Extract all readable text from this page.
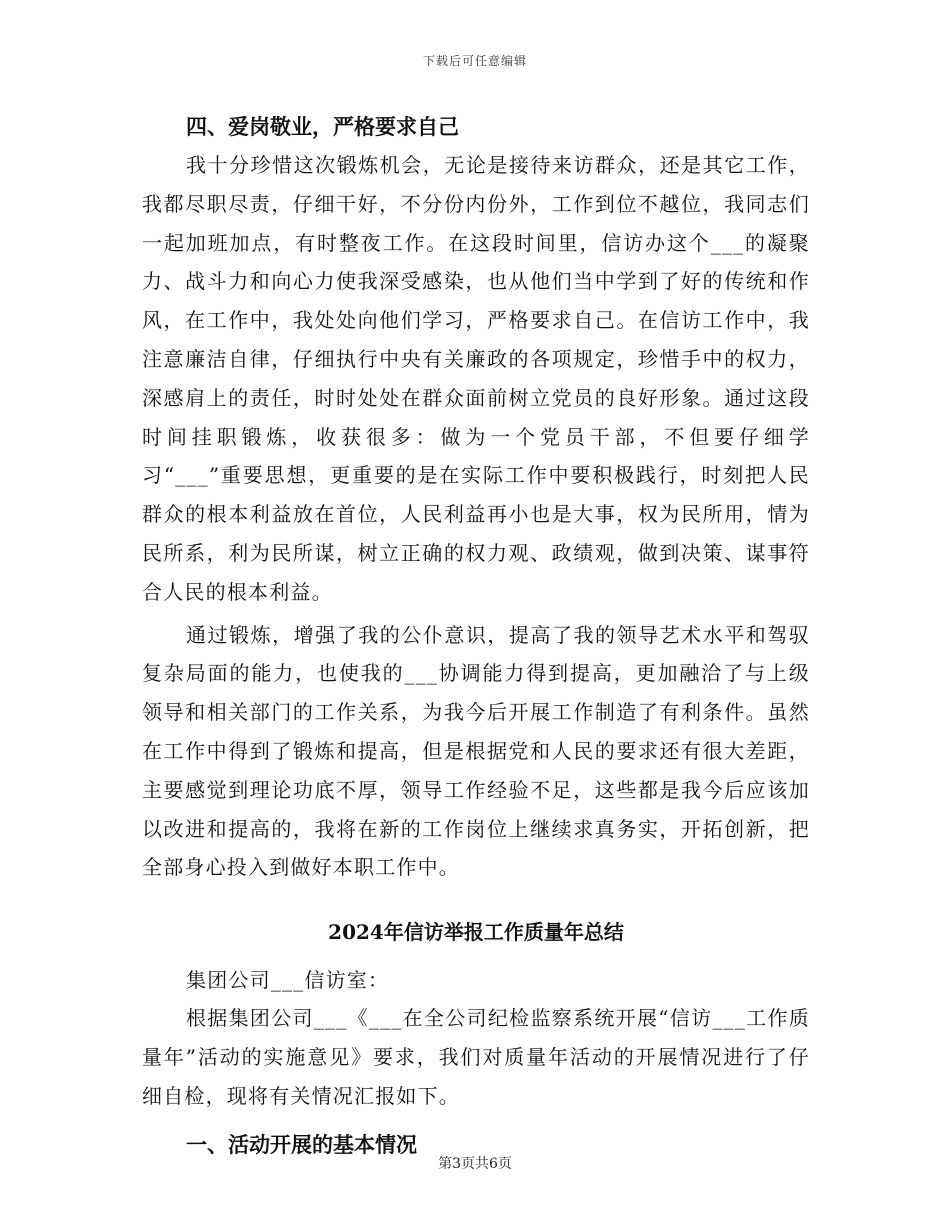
下载后可任意编辑

四、爱岗敬业，严格要求自己

我十分珍惜这次锻炼机会，无论是接待来访群众，还是其它工作，我都尽职尽责，仔细干好，不分份内份外，工作到位不越位，我同志们一起加班加点，有时整夜工作。在这段时间里，信访办这个___的凝聚力、战斗力和向心力使我深受感染，也从他们当中学到了好的传统和作风，在工作中，我处处向他们学习，严格要求自己。在信访工作中，我注意廉洁自律，仔细执行中央有关廉政的各项规定，珍惜手中的权力，深感肩上的责任，时时处处在群众面前树立党员的良好形象。通过这段时间挂职锻炼，收获很多：做为一个党员干部，不但要仔细学习“___”重要思想，更重要的是在实际工作中要积极践行，时刻把人民群众的根本利益放在首位，人民利益再小也是大事，权为民所用，情为民所系，利为民所谋，树立正确的权力观、政绩观，做到决策、谋事符合人民的根本利益。

通过锻炼，增强了我的公仆意识，提高了我的领导艺术水平和驾驭复杂局面的能力，也使我的___协调能力得到提高，更加融洽了与上级领导和相关部门的工作关系，为我今后开展工作制造了有利条件。虽然在工作中得到了锻炼和提高，但是根据党和人民的要求还有很大差距，主要感觉到理论功底不厚，领导工作经验不足，这些都是我今后应该加以改进和提高的，我将在新的工作岗位上继续求真务实，开拓创新，把全部身心投入到做好本职工作中。

2024年信访举报工作质量年总结

集团公司___信访室：

根据集团公司___《___在全公司纪检监察系统开展“信访___工作质量年”活动的实施意见》要求，我们对质量年活动的开展情况进行了仔细自检，现将有关情况汇报如下。

一、活动开展的基本情况

第3页共6页
